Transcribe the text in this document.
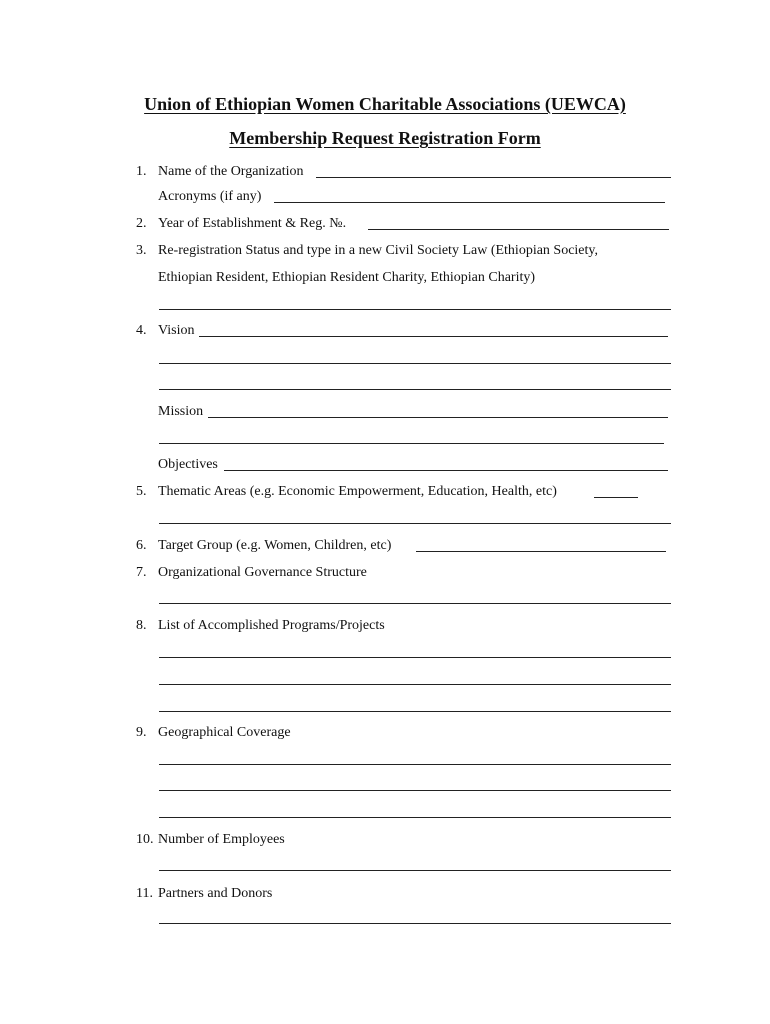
Union of Ethiopian Women Charitable Associations (UEWCA)
Membership Request Registration Form
1. Name of the Organization
Acronyms (if any)
2. Year of Establishment & Reg. №.
3. Re-registration Status and type in a new Civil Society Law (Ethiopian Society,
Ethiopian Resident, Ethiopian Resident Charity, Ethiopian Charity)
4. Vision
Mission
Objectives
5. Thematic Areas (e.g. Economic Empowerment, Education, Health, etc)
6. Target Group (e.g. Women, Children, etc)
7. Organizational Governance Structure
8. List of Accomplished Programs/Projects
9. Geographical Coverage
10. Number of Employees
11. Partners and Donors
